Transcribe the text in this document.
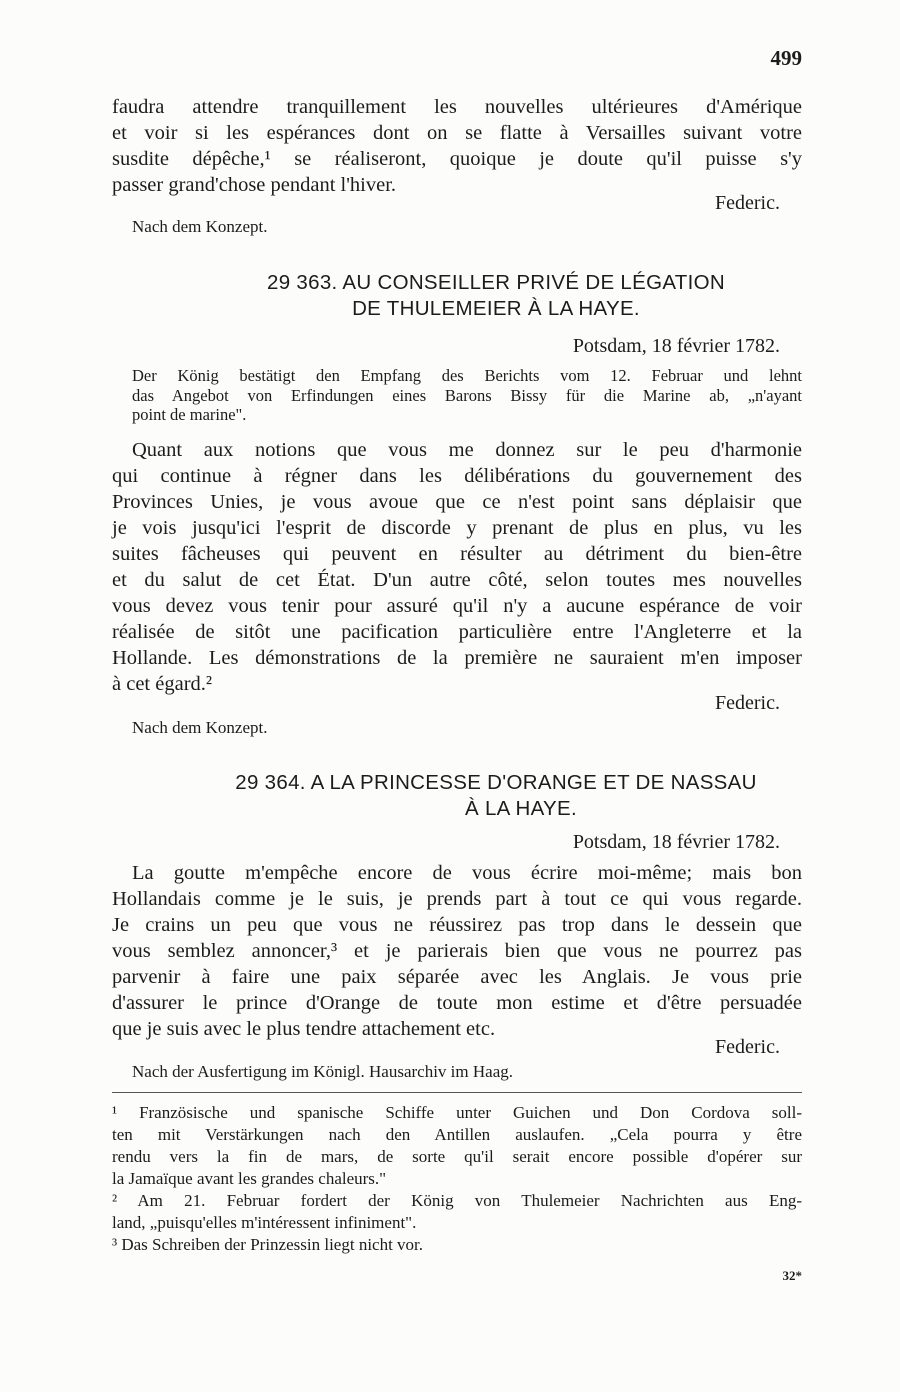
499
faudra attendre tranquillement les nouvelles ultérieures d'Amérique
et voir si les espérances dont on se flatte à Versailles suivant votre
susdite dépêche,¹ se réaliseront, quoique je doute qu'il puisse s'y
passer grand'chose pendant l'hiver.
Federic.
Nach dem Konzept.
29 363. AU CONSEILLER PRIVÉ DE LÉGATION
DE THULEMEIER À LA HAYE.
Potsdam, 18 février 1782.
Der König bestätigt den Empfang des Berichts vom 12. Februar und lehnt
das Angebot von Erfindungen eines Barons Bissy für die Marine ab, „n'ayant
point de marine".
Quant aux notions que vous me donnez sur le peu d'harmonie
qui continue à régner dans les délibérations du gouvernement des
Provinces Unies, je vous avoue que ce n'est point sans déplaisir que
je vois jusqu'ici l'esprit de discorde y prenant de plus en plus, vu les
suites fâcheuses qui peuvent en résulter au détriment du bien-être
et du salut de cet État. D'un autre côté, selon toutes mes nouvelles
vous devez vous tenir pour assuré qu'il n'y a aucune espérance de voir
réalisée de sitôt une pacification particulière entre l'Angleterre et la
Hollande. Les démonstrations de la première ne sauraient m'en imposer
à cet égard.²
Federic.
Nach dem Konzept.
29 364. A LA PRINCESSE D'ORANGE ET DE NASSAU
À LA HAYE.
Potsdam, 18 février 1782.
La goutte m'empêche encore de vous écrire moi-même; mais bon
Hollandais comme je le suis, je prends part à tout ce qui vous regarde.
Je crains un peu que vous ne réussirez pas trop dans le dessein que
vous semblez annoncer,³ et je parierais bien que vous ne pourrez pas
parvenir à faire une paix séparée avec les Anglais. Je vous prie
d'assurer le prince d'Orange de toute mon estime et d'être persuadée
que je suis avec le plus tendre attachement etc.
Federic.
Nach der Ausfertigung im Königl. Hausarchiv im Haag.
¹ Französische und spanische Schiffe unter Guichen und Don Cordova soll-
ten mit Verstärkungen nach den Antillen auslaufen. „Cela pourra y être
rendu vers la fin de mars, de sorte qu'il serait encore possible d'opérer sur
la Jamaïque avant les grandes chaleurs."
² Am 21. Februar fordert der König von Thulemeier Nachrichten aus Eng-
land, „puisqu'elles m'intéressent infiniment".
³ Das Schreiben der Prinzessin liegt nicht vor.
32*
